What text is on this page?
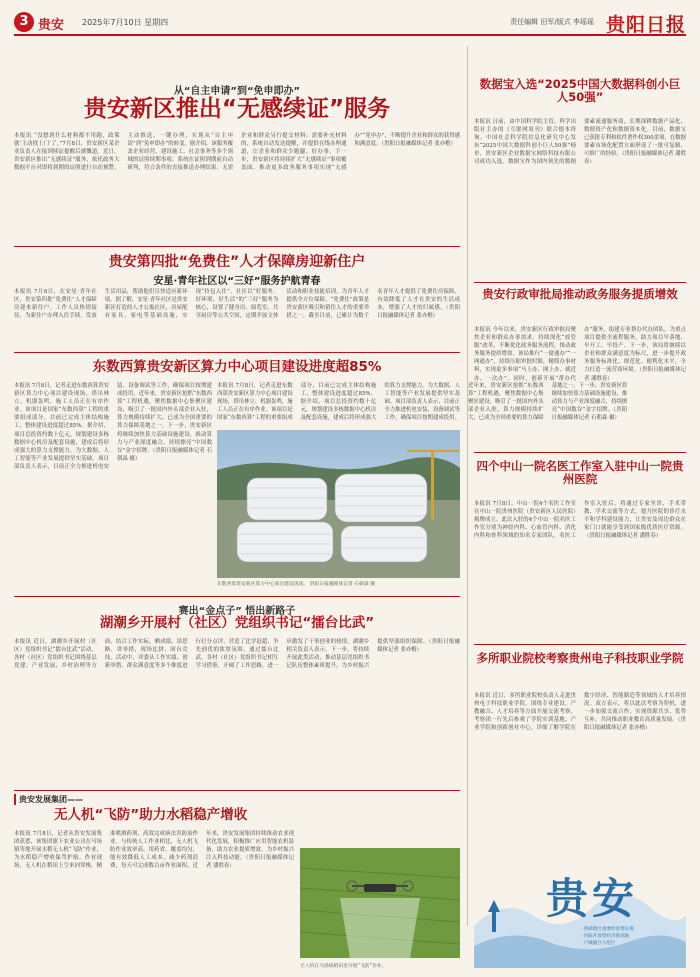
3 贵安 2025年7月10日 星期四	责任编辑 田军/版式 李瑶瑶 贵阳日报
从“自主申请”到“免申即办”
贵安新区推出“无感续证”服务
本报讯 “没想到什么材料都不用跑，政策就‘主动找上门’了。”7月8日，贵安新区某企业负责人在接到续证提醒后感慨道。近日，贵安新区推出“无感续证”服务，依托政务大数据平台对即将到期的证照进行自动预警，主动推送、一键办理，实现从“自主申请”到“免申即办”的转变。据介绍，该服务覆盖企业经营、建设施工、社会事务等多个领域的证照续期事项。系统在证照到期前自动研判，符合条件的直接推送办理结果，无需企业和群众另行提交材料；需要补充材料的，系统自动发送提醒，并提供在线办理通道，让企业和群众少跑腿、好办事。下一步，贵安新区将持续扩大“无感续证”事项覆盖面，推动更多政务服务事项实现“无感办”“免申办”，不断提升企业和群众的获得感和满意度。（贵阳日报融媒体记者 张亦楷）
数据宝入选“2025中国大数据科创小巨人50强”
本报讯 日前，由中国科学院主管、科学出版社主办的《互联网周刊》联合德本咨询、中国社会科学院信息化研究中心发布“2025中国大数据科创小巨人50强”榜单，贵安新区企业数据宝网络科技有限公司成功入选。数据宝作为国内领先的数据要素流通服务商，长期深耕数据产品化、数据资产化和数据资本化。目前，数据宝已获批专利和软件著作权300余项，在数据要素市场化配置方面形成了一批可复制、可推广的经验。（贵阳日报融媒体记者 潘胜春）
贵安第四批“免费住”人才保障房迎新住户
安星·青年社区以“三好”服务护航青春
本报讯 7月8日，在安星·青年社区，贵安第四批“免费住”人才保障房迎来新住户。工作人员热情接待，为新住户办理入住手续，发放生活用品，帮助他们尽快适应新环境。据了解，安星·青年社区是贵安新区打造的人才公寓社区，房屋配有家具、家电等基础设施，实现“拎包入住”。社区以“好服务、好环境、好生活”的“三好”服务为核心，设置了健身房、阅览室、共享厨房等公共空间，定期开展文体活动和职业技能培训，为青年人才提供全方位保障。“免费住”政策是贵安新区吸引和留住人才的重要举措之一，截至目前，已累计为数千名青年人才提供了免费住房保障，有效降低了人才在贵安的生活成本，增强了人才的归属感。（贵阳日报融媒体记者 张亦楷）
贵安行政审批局推动政务服务提质增效
本报讯 今年以来，贵安新区行政审批局聚焦企业和群众办事需求，持续深化“放管服”改革，不断优化政务服务流程，推动政务服务提质增效。该局推行“一窗通办”“一网通办”，持续压缩审批时限，精简办事材料，实现更多事项“马上办、网上办、就近办、一次办”。同时，创新开展“帮办代办”服务，组建专业帮办代办团队，为重点项目提供全流程服务，助力项目早落地、早开工、早投产。下一步，该局将继续以企业和群众满意度为标尺，进一步提升政务服务标准化、规范化、便利化水平，全力打造一流营商环境。（贵阳日报融媒体记者 潘胜春）
东数西算贵安新区算力中心项目建设进度超85%
本报讯 7月8日，记者走进东数西算贵安新区算力中心项目建设现场，塔吊林立、机器轰鸣，施工人员正在有序作业。该项目是国家“东数西算”工程的重要组成部分，目前已完成主体结构施工，整体建设进度超过85%。据介绍，项目总投资约数十亿元，规划建设多栋数据中心机房及配套设施，建成后将形成强大的算力支撑能力，为大数据、人工智能等产业发展提供坚实基础。项目部负责人表示，目前正全力推进机电安装、设备调试等工作，确保项目按期建成投用。近年来，贵安新区抢抓“东数西算”工程机遇，聚焦数据中心集聚区建设，吸引了一批国内外头部企业入驻，算力规模持续扩大，已成为全国重要的算力保障基地之一。下一步，贵安新区将继续加快算力基础设施建设，推动算力与产业深度融合，持续擦亮“中国数谷”金字招牌。（贵阳日报融媒体记者 石朝森 摄）
本报讯 7月8日，记者走进东数西算贵安新区算力中心项目建设现场，塔吊林立、机器轰鸣，施工人员正在有序作业。该项目是国家“东数西算”工程的重要组成部分，目前已完成主体结构施工，整体建设进度超过85%。据介绍，项目总投资约数十亿元，规划建设多栋数据中心机房及配套设施，建成后将形成强大的算力支撑能力，为大数据、人工智能等产业发展提供坚实基础。项目部负责人表示，目前正全力推进机电安装、设备调试等工作，确保项目按期建成投用。近年来，贵安新区抢抓“东数西算”工程机遇，聚焦数据中心集聚区建设，吸引了一批国内外头部企业入驻，算力规模持续扩大，已成为全国重要的算力保障基地之一。下一步，贵安新区将继续加快算力基础设施建设，推动算力与产业深度融合，持续擦亮“中国数谷”金字招牌。（贵阳日报融媒体记者 石朝森 摄）
东数西算贵安新区算力中心项目建设现场。 贵阳日报融媒体记者 石朝森 摄
四个中山一院名医工作室入驻中山一院贵州医院
本报讯 7月8日，中山一院4个名医工作室在中山一院贵州医院（贵安新区人民医院）揭牌成立。此次入驻的4个中山一院名医工作室分别为神经内科、心血管内科、消化内科和骨科领域的知名专家团队。名医工作室入驻后，将通过专家坐诊、手术带教、学术交流等方式，提升医院的诊疗水平和学科建设能力，让贵安及周边群众在家门口就能享受到国家级优质医疗资源。（贵阳日报融媒体记者 潘胜春）
多所职业院校考察贵州电子科技职业学院
本报讯 近日，多所职业院校负责人走进贵州电子科技职业学院，围绕专业建设、产教融合、人才培养等方面开展交流考察。考察团一行先后参观了学院实训基地、产业学院和创新创业中心，详细了解学院在数字经济、智能制造等领域的人才培养情况。双方表示，将以此次考察为契机，进一步加强交流合作，实现资源共享、优势互补，共同推动职业教育高质量发展。（贵阳日报融媒体记者 张亦楷）
赛出“金点子” 悟出新路子
湖潮乡开展村（社区）党组织书记“擂台比武”
本报讯 近日，湖潮乡开展村（社区）党组织书记“擂台比武”活动，各村（社区）党组织书记围绕基层党建、产业发展、乡村治理等方面，结合工作实际，晒成绩、谈思路、讲举措，现场比拼、同台竞技。活动中，评委从工作实绩、创新举措、群众满意度等多个维度进行打分点评，营造了比学赶超、争先创优的浓厚氛围。通过擂台比武，各村（社区）党组织书记相互学习借鉴，开阔了工作思路，进一步激发了干事创业的热情。湖潮乡相关负责人表示，下一步，将持续开展此类活动，推动基层党组织书记队伍整体素质提升，为乡村振兴提供坚强组织保障。（贵阳日报融媒体记者 张亦楷）
贵安发展集团——
无人机“飞防”助力水稻稳产增收
本报讯 7月8日，记者从贵安发展集团获悉，该集团旗下农业公司在马场镇等地开展水稻无人机“飞防”作业，为水稻稳产增收保驾护航。作业现场，无人机在稻田上空来回穿梭，精准喷洒药剂，高效完成病虫害防治作业。与传统人工作业相比，无人机飞防作业效率高、用药省、覆盖均匀，能有效降低人工成本，减少药剂浪费，每天可完成数百亩作业面积。近年来，贵安发展集团持续推动农业现代化发展，积极推广应用智能农机装备，助力农业提质增效，为乡村振兴注入科技动能。（贵阳日报融媒体记者 潘胜春）
无人机在马场镇稻田里开展“飞防”作业。
贵安
·西部地区重要经济增长极
·内陆开放型经济新高地
·产城融合示范区
